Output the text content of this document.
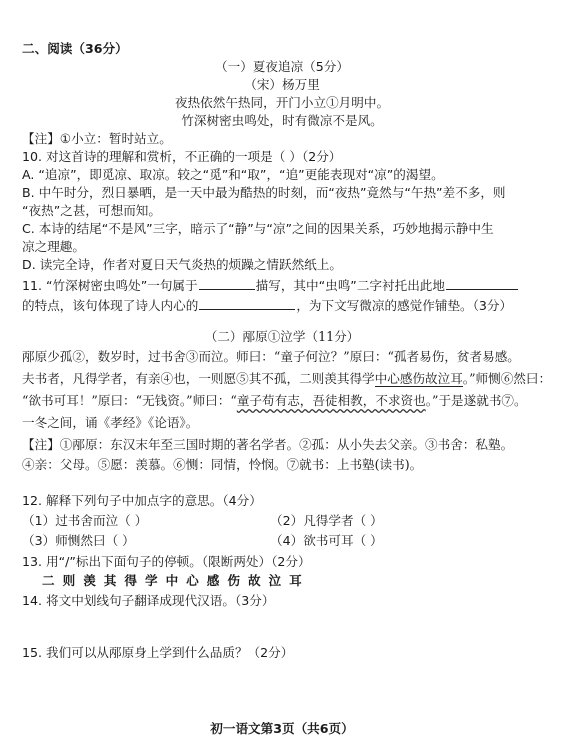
二、阅读（36分）
（一）夏夜追凉（5分）
（宋）杨万里
夜热依然午热同，开门小立①月明中。
竹深树密虫鸣处，时有微凉不是风。
【注】①小立：暂时站立。
10. 对这首诗的理解和赏析，不正确的一项是（ ）（2分）
A. “追凉”，即觅凉、取凉。较之“觅”和“取”，“追”更能表现对“凉”的渴望。
B. 中午时分，烈日暴晒，是一天中最为酷热的时刻，而“夜热”竟然与“午热”差不多，则
“夜热”之甚，可想而知。
C. 本诗的结尾“不是风”三字，暗示了“静”与“凉”之间的因果关系，巧妙地揭示静中生
凉之理趣。
D. 读完全诗，作者对夏日天气炎热的烦躁之情跃然纸上。
11. “竹深树密虫鸣处”一句属于	描写，其中“虫鸣”二字衬托出此地
的特点，该句体现了诗人内心的	，为下文写微凉的感觉作铺垫。（3分）
（二）邴原①泣学（11分）
邴原少孤②，数岁时，过书舍③而泣。师曰：“童子何泣？”原曰：“孤者易伤，贫者易感。
夫书者，凡得学者，有亲④也，一则愿⑤其不孤，二则羡其得学中心感伤故泣耳。”师恻⑥然曰：
“欲书可耳！”原曰：“无钱资。”师曰：“童子苟有志，吾徒相教，不求资也。”于是遂就书⑦。
一冬之间，诵《孝经》《论语》。
【注】①邴原：东汉末年至三国时期的著名学者。②孤：从小失去父亲。③书舍：私塾。
④亲：父母。⑤愿：羡慕。⑥恻：同情，怜悯。⑦就书：上书塾(读书)。
12. 解释下列句子中加点字的意思。（4分）
（1）过书舍而泣（ ）	（2）凡得学者（ ）
（3）师恻然曰（ ）	（4）欲书可耳（ ）
13. 用“/”标出下面句子的停顿。（限断两处）（2分）
二则羡其得学中心感伤故泣耳
14. 将文中划线句子翻译成现代汉语。（3分）
15. 我们可以从邴原身上学到什么品质？（2分）
初一语文第3页（共6页）
